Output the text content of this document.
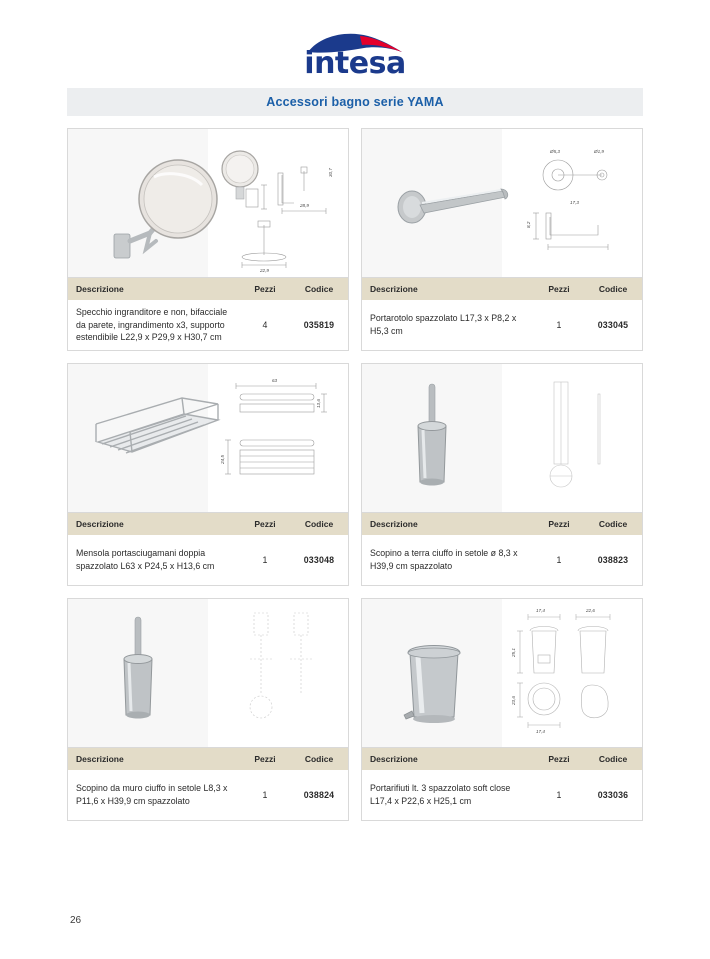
intesa
Accessori bagno serie YAMA
30,7
28,9
22,9
Descrizione	Pezzi	Codice
Specchio ingranditore e non, bifacciale da parete, ingrandimento x3, supporto estendibile L22,9 x P29,9 x H30,7 cm
4	035819
Ø5,3	Ø1,9
17,3
8,2
Descrizione	Pezzi	Codice
Portarotolo spazzolato L17,3 x P8,2 x H5,3 cm
1	033045
63
13,6
24,5
Descrizione	Pezzi	Codice
Mensola portasciugamani doppia spazzolato L63 x P24,5 x H13,6 cm
1	033048
Descrizione	Pezzi	Codice
Scopino a terra ciuffo in setole ø 8,3 x H39,9 cm spazzolato
1	038823
Descrizione	Pezzi	Codice
Scopino da muro ciuffo in setole L8,3 x P11,6 x H39,9 cm spazzolato
1	038824
17,4	22,6
25,1
23,6
17,4
Descrizione	Pezzi	Codice
Portarifiuti lt. 3 spazzolato soft close L17,4 x P22,6 x H25,1 cm
1	033036
26
